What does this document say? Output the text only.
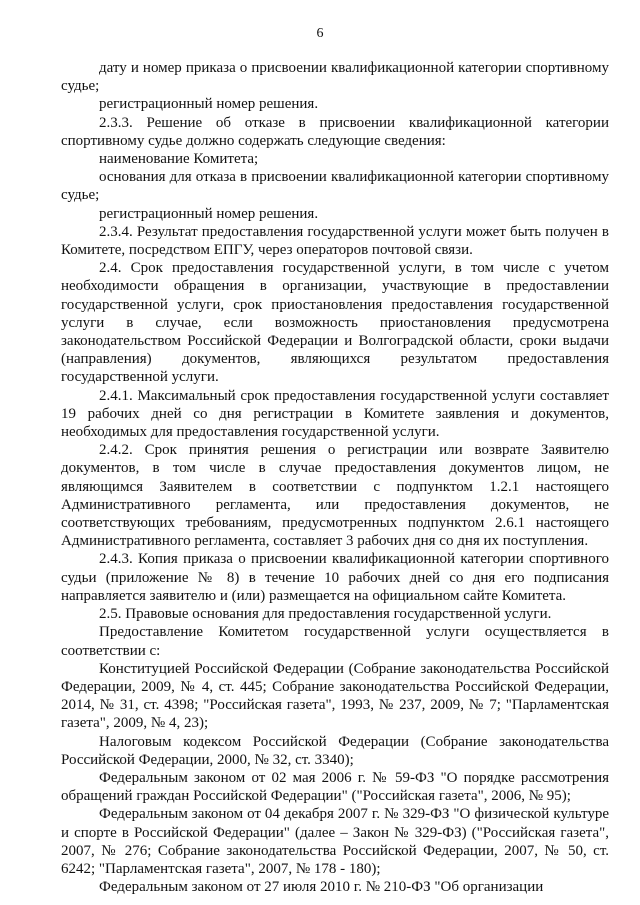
6

дату и номер приказа о присвоении квалификационной категории спортивному судье;

регистрационный номер решения.

2.3.3. Решение об отказе в присвоении квалификационной категории спортивному судье должно содержать следующие сведения:

наименование Комитета;

основания для отказа в присвоении квалификационной категории спортивному судье;

регистрационный номер решения.

2.3.4. Результат предоставления государственной услуги может быть получен в Комитете, посредством ЕПГУ, через операторов почтовой связи.

2.4. Срок предоставления государственной услуги, в том числе с учетом необходимости обращения в организации, участвующие в предоставлении государственной услуги, срок приостановления предоставления государственной услуги в случае, если возможность приостановления предусмотрена законодательством Российской Федерации и Волгоградской области, сроки выдачи (направления) документов, являющихся результатом предоставления государственной услуги.

2.4.1. Максимальный срок предоставления государственной услуги составляет 19 рабочих дней со дня регистрации в Комитете заявления и документов, необходимых для предоставления государственной услуги.

2.4.2. Срок принятия решения о регистрации или возврате Заявителю документов, в том числе в случае предоставления документов лицом, не являющимся Заявителем в соответствии с подпунктом 1.2.1 настоящего Административного регламента, или предоставления документов, не соответствующих требованиям, предусмотренных подпунктом 2.6.1 настоящего Административного регламента, составляет 3 рабочих дня со дня их поступления.

2.4.3. Копия приказа о присвоении квалификационной категории спортивного судьи (приложение № 8) в течение 10 рабочих дней со дня его подписания направляется заявителю и (или) размещается на официальном сайте Комитета.

2.5. Правовые основания для предоставления государственной услуги.

Предоставление Комитетом государственной услуги осуществляется в соответствии с:

Конституцией Российской Федерации (Собрание законодательства Российской Федерации, 2009, № 4, ст. 445; Собрание законодательства Российской Федерации, 2014, № 31, ст. 4398; "Российская газета", 1993, № 237, 2009, № 7; "Парламентская газета", 2009, № 4, 23);

Налоговым кодексом Российской Федерации (Собрание законодательства Российской Федерации, 2000, № 32, ст. 3340);

Федеральным законом от 02 мая 2006 г. № 59-ФЗ "О порядке рассмотрения обращений граждан Российской Федерации" ("Российская газета", 2006, № 95);

Федеральным законом от 04 декабря 2007 г. № 329-ФЗ "О физической культуре и спорте в Российской Федерации" (далее – Закон № 329-ФЗ) ("Российская газета", 2007, № 276; Собрание законодательства Российской Федерации, 2007, № 50, ст. 6242; "Парламентская газета", 2007, № 178 - 180);

Федеральным законом от 27 июля 2010 г. № 210-ФЗ "Об организации
